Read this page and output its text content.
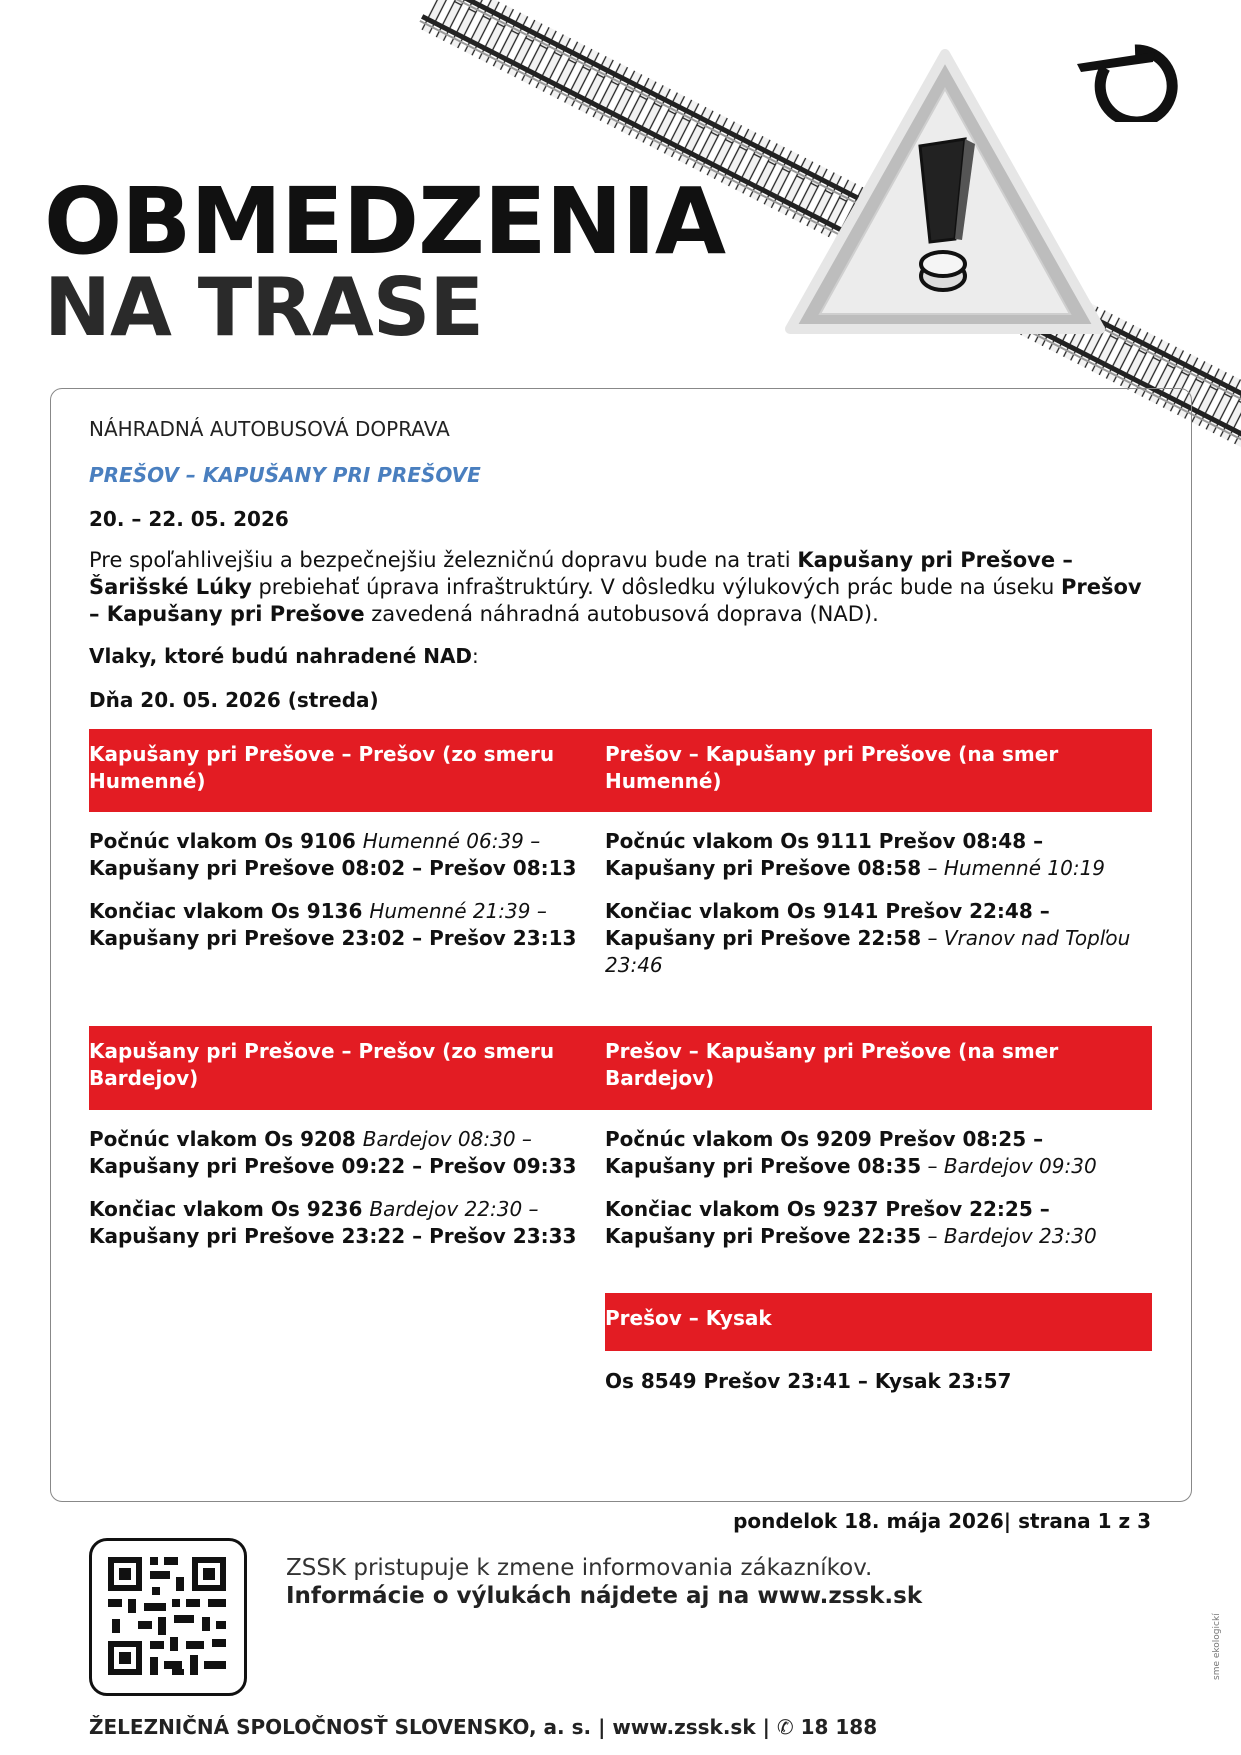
OBMEDZENIA
NA TRASE

NÁHRADNÁ AUTOBUSOVÁ DOPRAVA

PREŠOV – KAPUŠANY PRI PREŠOVE

20. – 22. 05. 2026

Pre spoľahlivejšiu a bezpečnejšiu železničnú dopravu bude na trati Kapušany pri Prešove – Šarišské Lúky prebiehať úprava infraštruktúry. V dôsledku výlukových prác bude na úseku Prešov – Kapušany pri Prešove zavedená náhradná autobusová doprava (NAD).

Vlaky, ktoré budú nahradené NAD:

Dňa 20. 05. 2026 (streda)

Kapušany pri Prešove – Prešov (zo smeru Humenné)
Prešov – Kapušany pri Prešove (na smer Humenné)

Počnúc vlakom Os 9106 Humenné 06:39 –
Kapušany pri Prešove 08:02 – Prešov 08:13

Končiac vlakom Os 9136 Humenné 21:39 –
Kapušany pri Prešove 23:02 – Prešov 23:13

Počnúc vlakom Os 9111 Prešov 08:48 – Kapušany pri Prešove 08:58 – Humenné 10:19

Končiac vlakom Os 9141 Prešov 22:48 – Kapušany pri Prešove 22:58 – Vranov nad Topľou 23:46

Kapušany pri Prešove – Prešov (zo smeru Bardejov)
Prešov – Kapušany pri Prešove (na smer Bardejov)

Počnúc vlakom Os 9208 Bardejov 08:30 –
Kapušany pri Prešove 09:22 – Prešov 09:33

Končiac vlakom Os 9236 Bardejov 22:30 –
Kapušany pri Prešove 23:22 – Prešov 23:33

Počnúc vlakom Os 9209 Prešov 08:25 – Kapušany pri Prešove 08:35 – Bardejov 09:30

Končiac vlakom Os 9237 Prešov 22:25 – Kapušany pri Prešove 22:35 – Bardejov 23:30

Prešov – Kysak

Os 8549 Prešov 23:41 – Kysak 23:57

pondelok 18. mája 2026| strana 1 z 3
ZSSK pristupuje k zmene informovania zákazníkov.
Informácie o výlukách nájdete aj na www.zssk.sk
ŽELEZNIČNÁ SPOLOČNOSŤ SLOVENSKO, a. s. | www.zssk.sk | ✆ 18 188
sme ekologickí
